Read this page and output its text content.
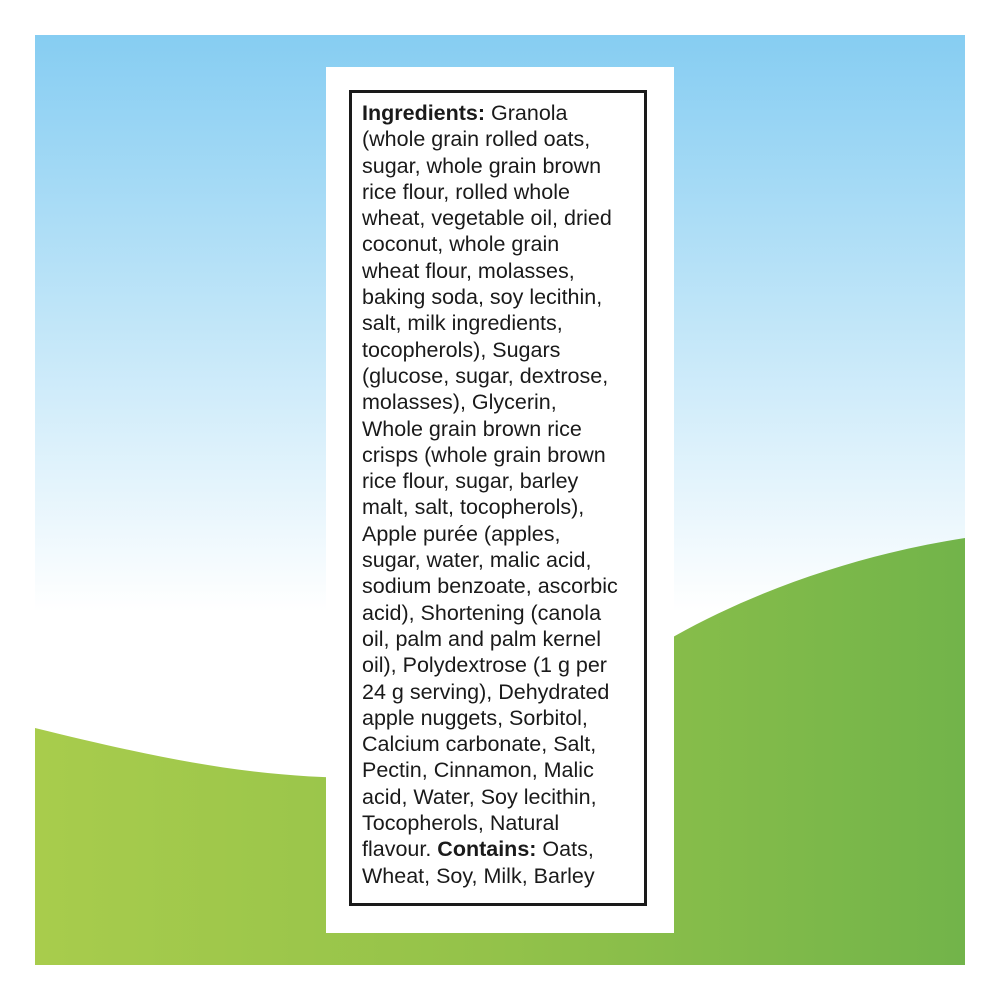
Ingredients: Granola
(whole grain rolled oats,
sugar, whole grain brown
rice flour, rolled whole
wheat, vegetable oil, dried
coconut, whole grain
wheat flour, molasses,
baking soda, soy lecithin,
salt, milk ingredients,
tocopherols), Sugars
(glucose, sugar, dextrose,
molasses), Glycerin,
Whole grain brown rice
crisps (whole grain brown
rice flour, sugar, barley
malt, salt, tocopherols),
Apple purée (apples,
sugar, water, malic acid,
sodium benzoate, ascorbic
acid), Shortening (canola
oil, palm and palm kernel
oil), Polydextrose (1 g per
24 g serving), Dehydrated
apple nuggets, Sorbitol,
Calcium carbonate, Salt,
Pectin, Cinnamon, Malic
acid, Water, Soy lecithin,
Tocopherols, Natural
flavour. Contains: Oats,
Wheat, Soy, Milk, Barley
